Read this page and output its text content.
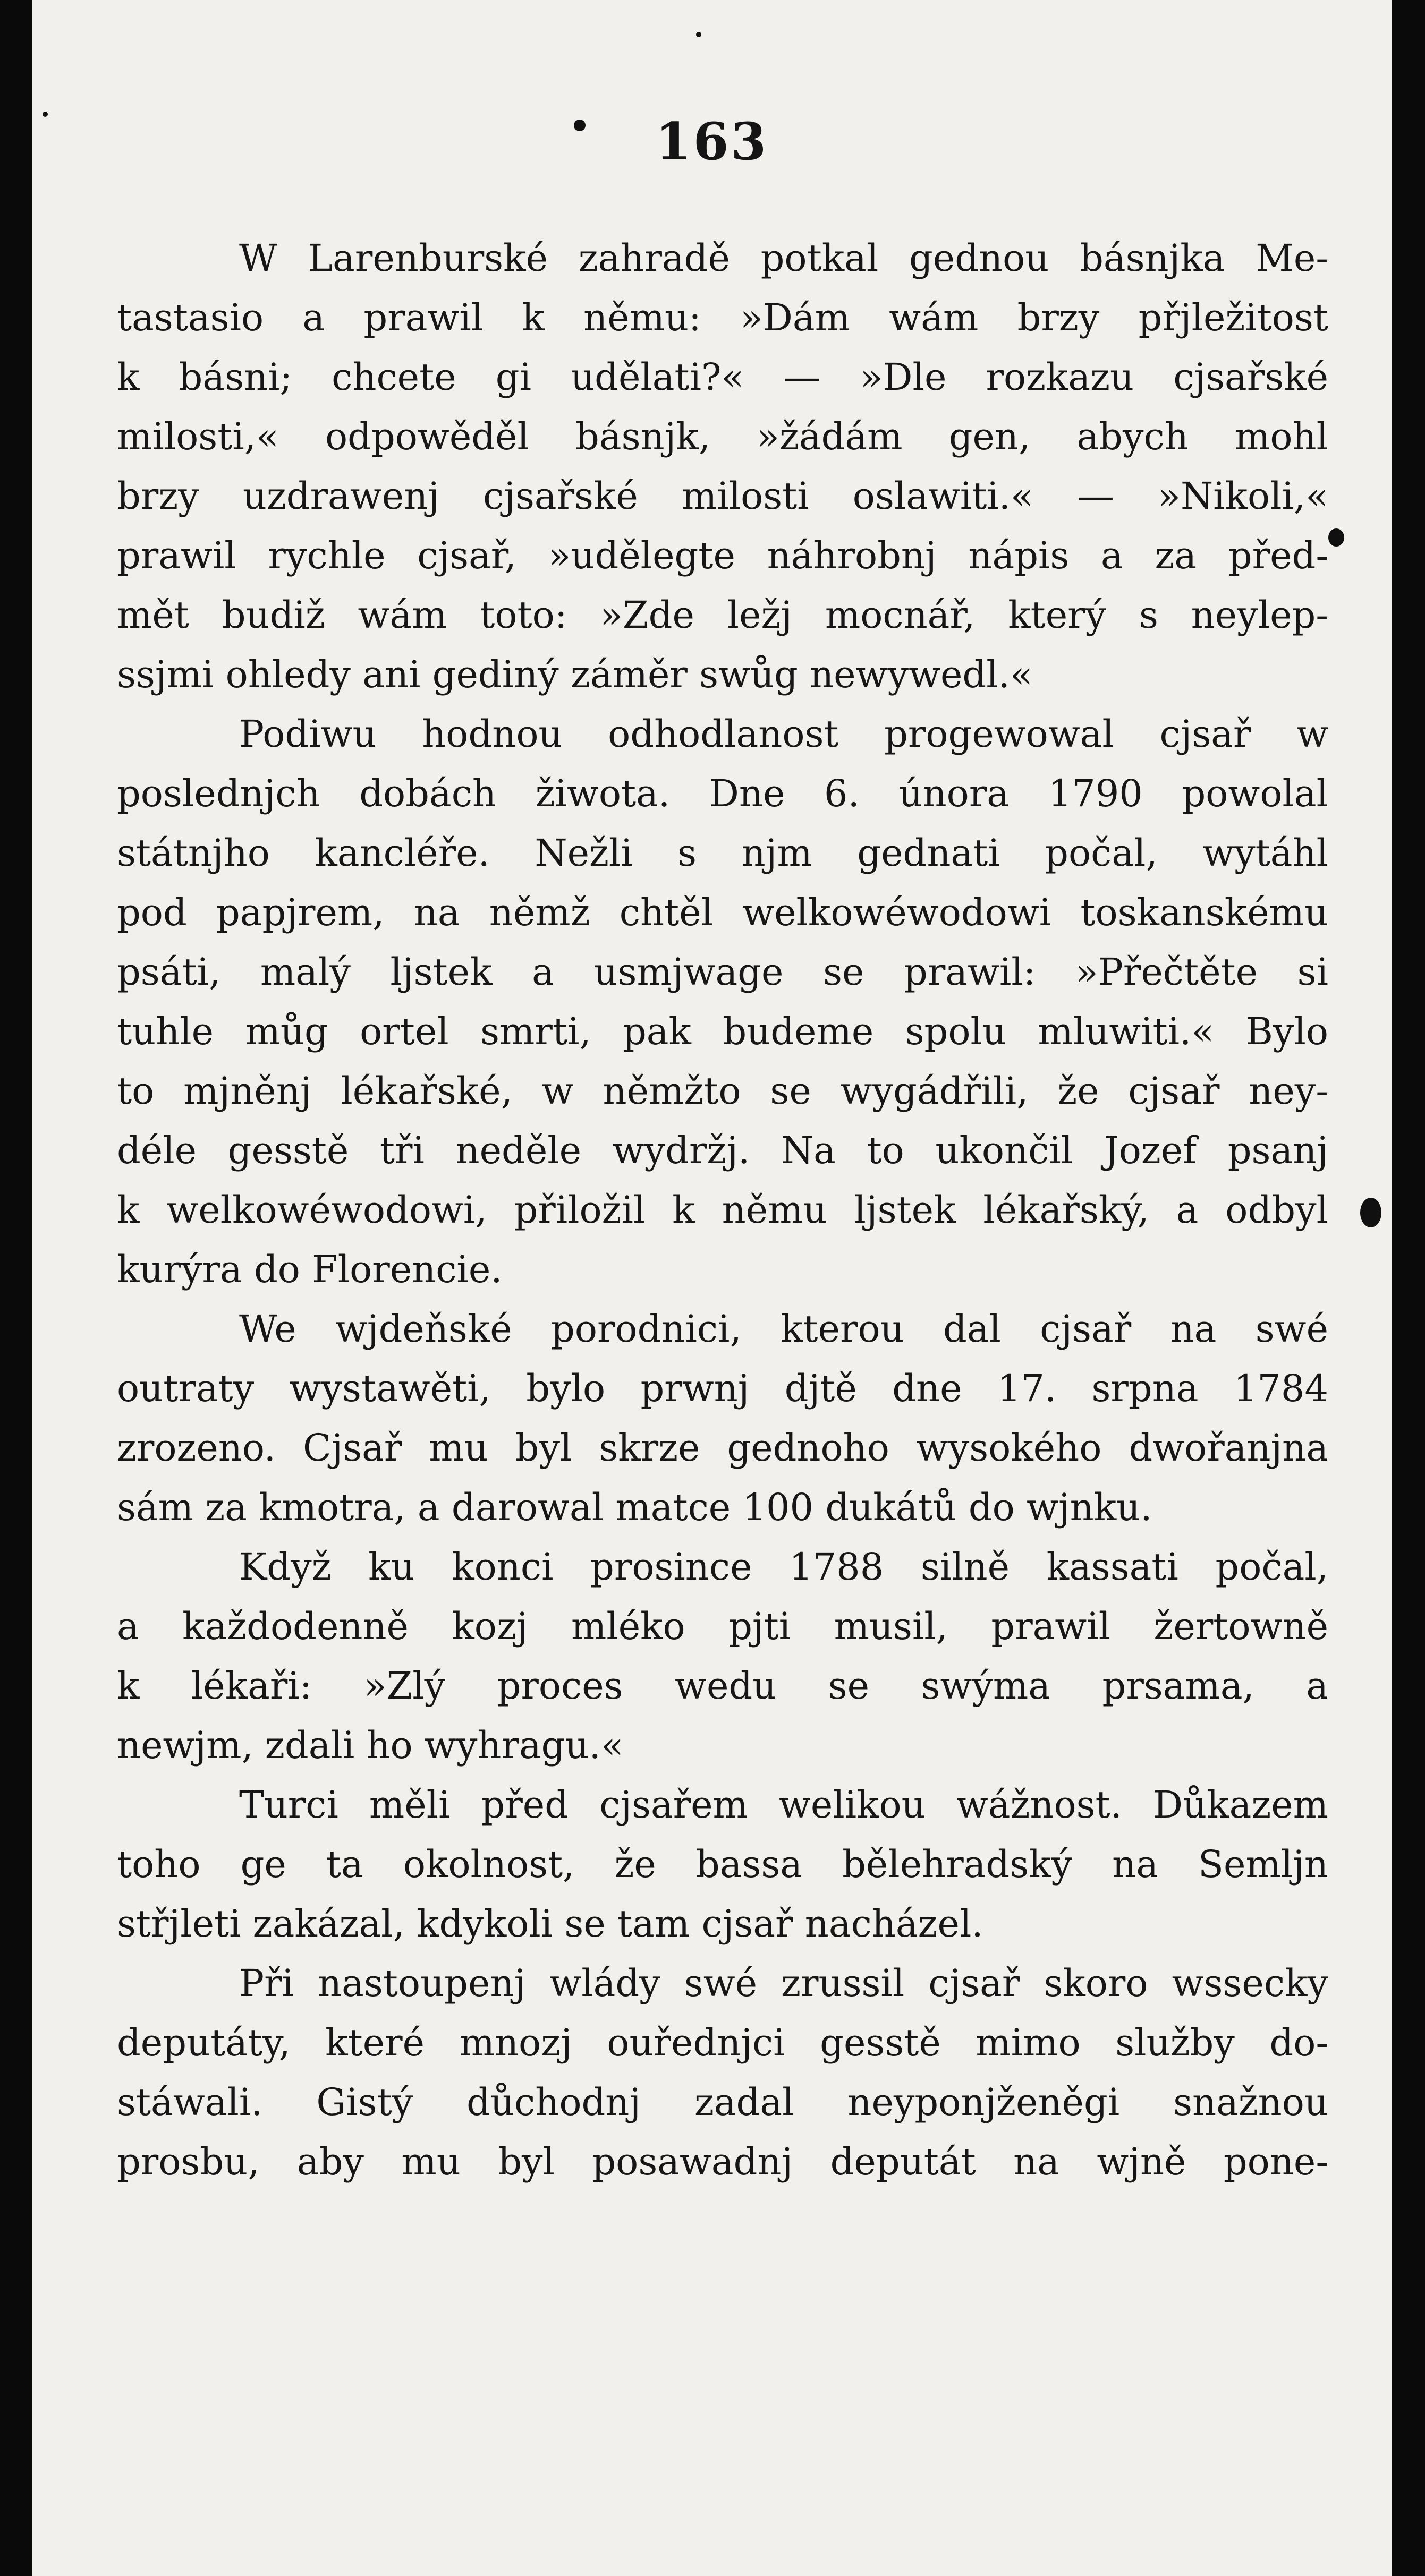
163

W Larenburské zahradě potkal gednou básnjka Me-
tastasio a prawil k němu: »Dám wám brzy přjležitost
k básni; chcete gi udělati?« — »Dle rozkazu cjsařské
milosti,« odpowěděl básnjk, »žádám gen, abych mohl
brzy uzdrawenj cjsařské milosti oslawiti.« — »Nikoli,«
prawil rychle cjsař, »udělegte náhrobnj nápis a za před-
mět budiž wám toto: »Zde ležj mocnář, který s neylep-
ssjmi ohledy ani gediný záměr swůg newywedl.«

Podiwu hodnou odhodlanost progewowal cjsař w
poslednjch dobách žiwota. Dne 6. února 1790 powolal
státnjho kancléře. Nežli s njm gednati počal, wytáhl
pod papjrem, na němž chtěl welkowéwodowi toskanskému
psáti, malý ljstek a usmjwage se prawil: »Přečtěte si
tuhle můg ortel smrti, pak budeme spolu mluwiti.« Bylo
to mjněnj lékařské, w němžto se wygádřili, že cjsař ney-
déle gesstě tři neděle wydržj. Na to ukončil Jozef psanj
k welkowéwodowi, přiložil k němu ljstek lékařský, a odbyl
kurýra do Florencie.

We wjdeňské porodnici, kterou dal cjsař na swé
outraty wystawěti, bylo prwnj djtě dne 17. srpna 1784
zrozeno. Cjsař mu byl skrze gednoho wysokého dwořanjna
sám za kmotra, a darowal matce 100 dukátů do wjnku.

Když ku konci prosince 1788 silně kassati počal,
a každodenně kozj mléko pjti musil, prawil žertowně
k lékaři: »Zlý proces wedu se swýma prsama, a
newjm, zdali ho wyhragu.«

Turci měli před cjsařem welikou wážnost. Důkazem
toho ge ta okolnost, že bassa bělehradský na Semljn
střjleti zakázal, kdykoli se tam cjsař nacházel.

Při nastoupenj wlády swé zrussil cjsař skoro wssecky
deputáty, které mnozj ouřednjci gesstě mimo služby do-
stáwali. Gistý důchodnj zadal neyponjženěgi snažnou
prosbu, aby mu byl posawadnj deputát na wjně pone-
